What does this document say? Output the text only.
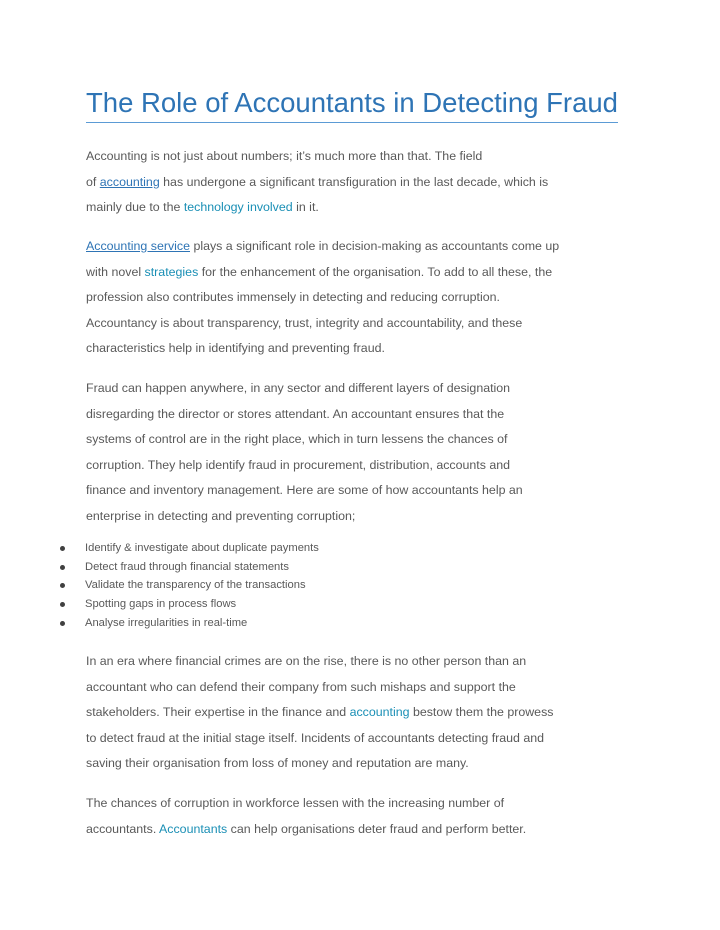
The Role of Accountants in Detecting Fraud

Accounting is not just about numbers; it’s much more than that. The field
of accounting has undergone a significant transfiguration in the last decade, which is
mainly due to the technology involved in it.

Accounting service plays a significant role in decision-making as accountants come up
with novel strategies for the enhancement of the organisation. To add to all these, the
profession also contributes immensely in detecting and reducing corruption.
Accountancy is about transparency, trust, integrity and accountability, and these
characteristics help in identifying and preventing fraud.

Fraud can happen anywhere, in any sector and different layers of designation
disregarding the director or stores attendant. An accountant ensures that the
systems of control are in the right place, which in turn lessens the chances of
corruption. They help identify fraud in procurement, distribution, accounts and
finance and inventory management. Here are some of how accountants help an
enterprise in detecting and preventing corruption;

Identify & investigate about duplicate payments
Detect fraud through financial statements
Validate the transparency of the transactions
Spotting gaps in process flows
Analyse irregularities in real-time

In an era where financial crimes are on the rise, there is no other person than an
accountant who can defend their company from such mishaps and support the
stakeholders. Their expertise in the finance and accounting bestow them the prowess
to detect fraud at the initial stage itself. Incidents of accountants detecting fraud and
saving their organisation from loss of money and reputation are many.

The chances of corruption in workforce lessen with the increasing number of
accountants. Accountants can help organisations deter fraud and perform better.
